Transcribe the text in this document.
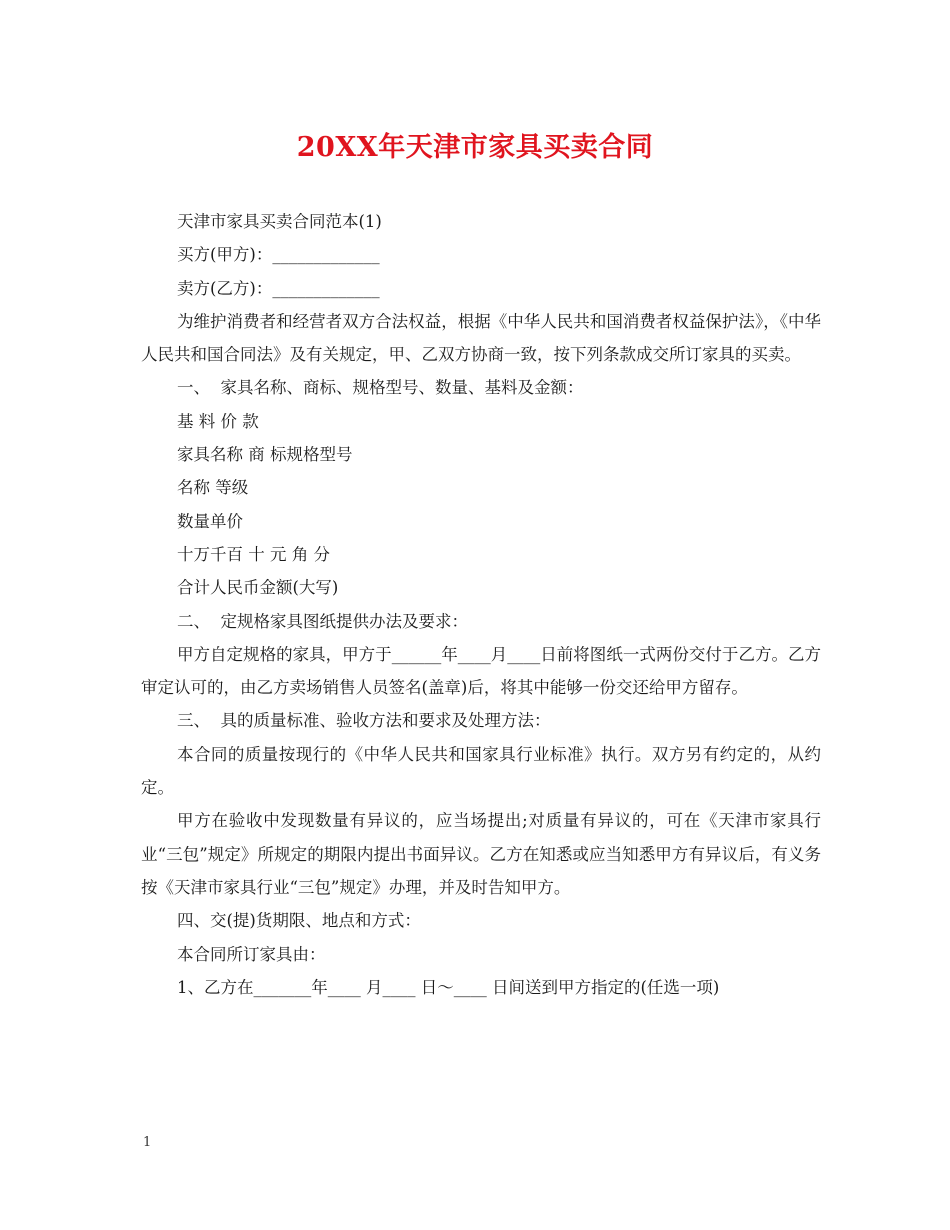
20XX年天津市家具买卖合同

天津市家具买卖合同范本(1)

买方(甲方)：_____________

卖方(乙方)：_____________

为维护消费者和经营者双方合法权益，根据《中华人民共和国消费者权益保护法》，《中华人民共和国合同法》及有关规定，甲、乙双方协商一致，按下列条款成交所订家具的买卖。

一、  家具名称、商标、规格型号、数量、基料及金额：

基 料 价 款

家具名称 商 标规格型号

名称 等级

数量单价

十万千百 十 元 角 分

合计人民币金额(大写)

二、  定规格家具图纸提供办法及要求：

甲方自定规格的家具，甲方于______年____月____日前将图纸一式两份交付于乙方。乙方审定认可的，由乙方卖场销售人员签名(盖章)后，将其中能够一份交还给甲方留存。

三、  具的质量标准、验收方法和要求及处理方法：

本合同的质量按现行的《中华人民共和国家具行业标准》执行。双方另有约定的，从约定。

甲方在验收中发现数量有异议的，应当场提出;对质量有异议的，可在《天津市家具行业“三包”规定》所规定的期限内提出书面异议。乙方在知悉或应当知悉甲方有异议后，有义务按《天津市家具行业“三包”规定》办理，并及时告知甲方。

四、交(提)货期限、地点和方式：

本合同所订家具由：

1、乙方在_______年____ 月____ 日～____ 日间送到甲方指定的(任选一项)

1
